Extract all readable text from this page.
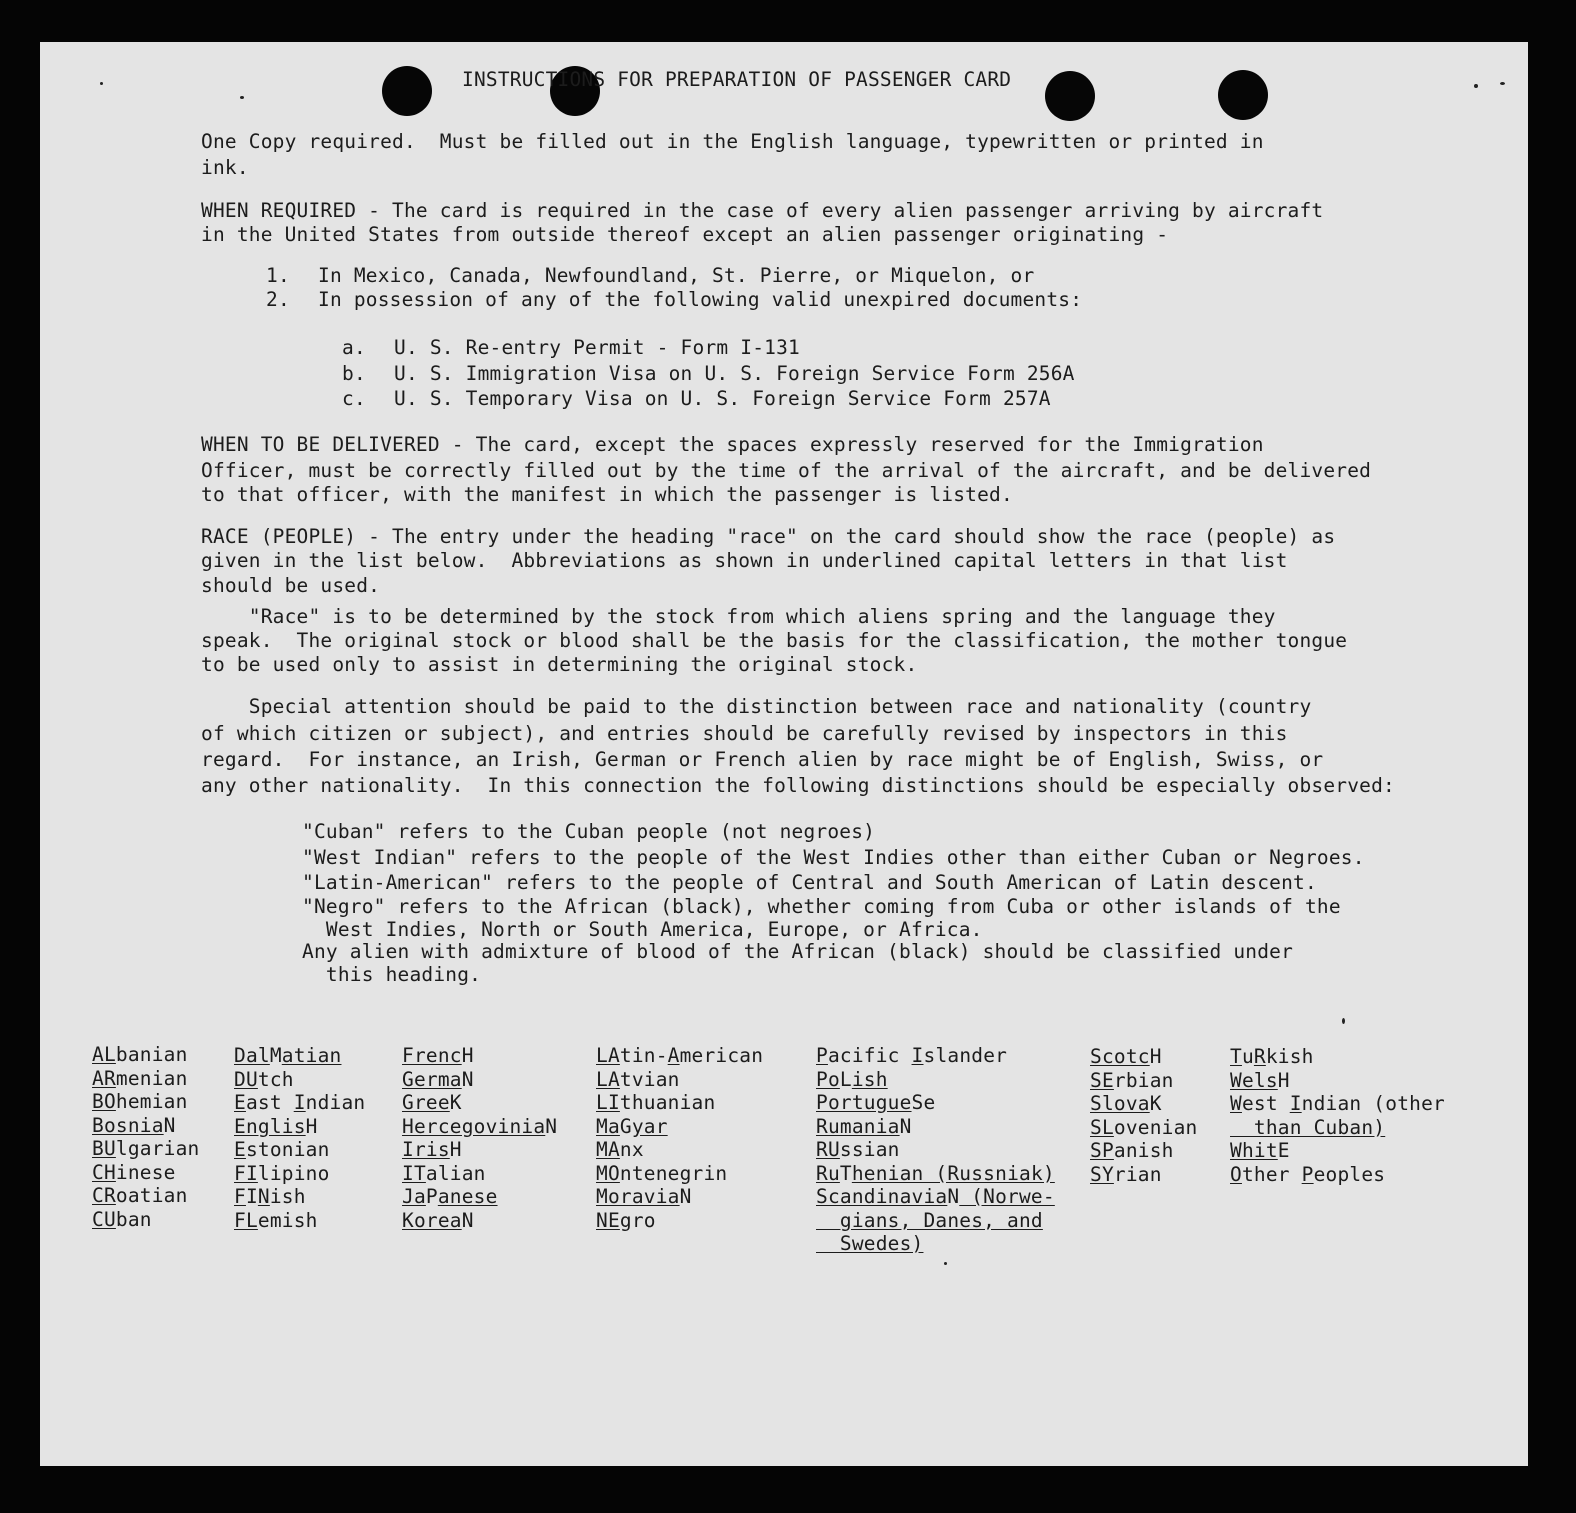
INSTRUCTIONS FOR PREPARATION OF PASSENGER CARD
One Copy required.  Must be filled out in the English language, typewritten or printed in
ink.
WHEN REQUIRED - The card is required in the case of every alien passenger arriving by aircraft
in the United States from outside thereof except an alien passenger originating -
1. In Mexico, Canada, Newfoundland, St. Pierre, or Miquelon, or
2. In possession of any of the following valid unexpired documents:
a. U. S. Re-entry Permit - Form I-131
b. U. S. Immigration Visa on U. S. Foreign Service Form 256A
c. U. S. Temporary Visa on U. S. Foreign Service Form 257A
WHEN TO BE DELIVERED - The card, except the spaces expressly reserved for the Immigration
Officer, must be correctly filled out by the time of the arrival of the aircraft, and be delivered
to that officer, with the manifest in which the passenger is listed.
RACE (PEOPLE) - The entry under the heading "race" on the card should show the race (people) as
given in the list below.  Abbreviations as shown in underlined capital letters in that list
should be used.
"Race" is to be determined by the stock from which aliens spring and the language they
speak.  The original stock or blood shall be the basis for the classification, the mother tongue
to be used only to assist in determining the original stock.
Special attention should be paid to the distinction between race and nationality (country
of which citizen or subject), and entries should be carefully revised by inspectors in this
regard.  For instance, an Irish, German or French alien by race might be of English, Swiss, or
any other nationality.  In this connection the following distinctions should be especially observed:
"Cuban" refers to the Cuban people (not negroes)
"West Indian" refers to the people of the West Indies other than either Cuban or Negroes.
"Latin-American" refers to the people of Central and South American of Latin descent.
"Negro" refers to the African (black), whether coming from Cuba or other islands of the
West Indies, North or South America, Europe, or Africa.
Any alien with admixture of blood of the African (black) should be classified under
this heading.
ALbanian
ARmenian
BOhemian
BosniaN
BUlgarian
CHinese
CRoatian
CUban
DalMatian
DUtch
East Indian
EnglisH
Estonian
FIlipino
FINish
FLemish
FrencH
GermaN
GreeK
HercegoviniaN
IrisH
ITalian
JaPanese
KoreaN
LAtin-American
LAtvian
LIthuanian
MaGyar
MAnx
MOntenegrin
MoraviaN
NEgro
Pacific Islander
PoLish
PortugueSe
RumaniaN
RUssian
RuThenian (Russniak)
ScandinaviaN (Norwe-
gians, Danes, and
Swedes)
ScotcH
SErbian
SlovaK
SLovenian
SPanish
SYrian
TuRkish
WelsH
West Indian (other
than Cuban)
WhitE
Other Peoples
